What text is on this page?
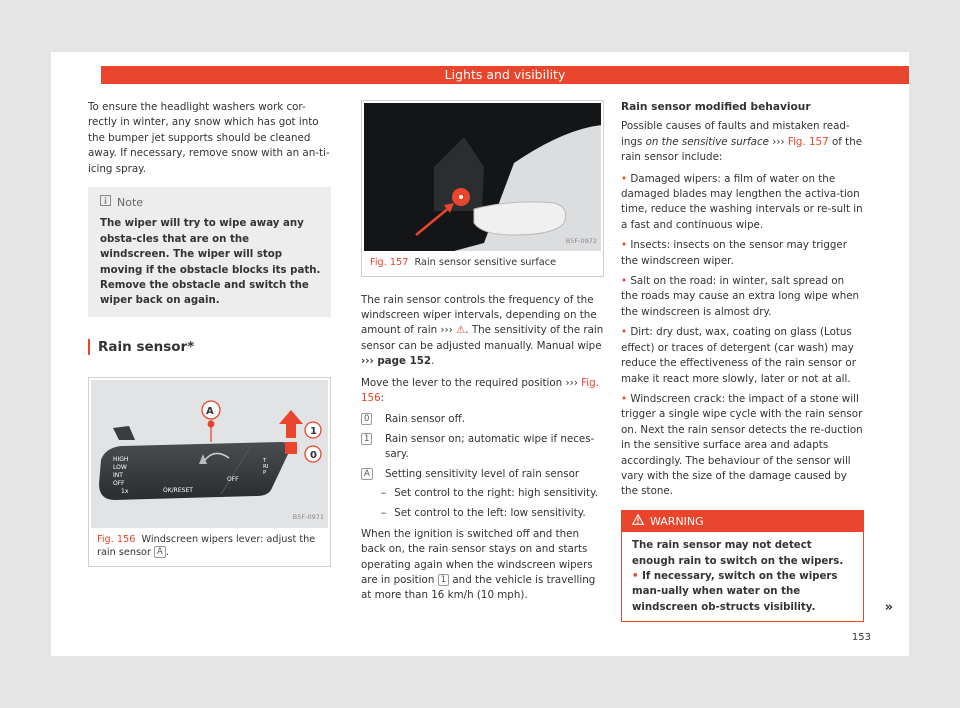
Lights and visibility

To ensure the headlight washers work cor-rectly in winter, any snow which has got into the bumper jet supports should be cleaned away. If necessary, remove snow with an an-ti-icing spray.

Note
The wiper will try to wipe away any obsta-cles that are on the windscreen. The wiper will stop moving if the obstacle blocks its path. Remove the obstacle and switch the wiper back on again.
Rain sensor*
A
1
0
HIGH
LOW
INT
OFF
1x	OK/RESET
OFF
TRIP
B5F-0971
Fig. 156 Windscreen wipers lever: adjust the rain sensor A .
B5F-0972
Fig. 157 Rain sensor sensitive surface

The rain sensor controls the frequency of the windscreen wiper intervals, depending on the amount of rain ››› ⚠. The sensitivity of the rain sensor can be adjusted manually. Manual wipe ››› page 152.

Move the lever to the required position ››› Fig. 156:

0	Rain sensor off.
1	Rain sensor on; automatic wipe if neces-sary.
A	Setting sensitivity level of rain sensor
– Set control to the right: high sensitivity.
– Set control to the left: low sensitivity.

When the ignition is switched off and then back on, the rain sensor stays on and starts operating again when the windscreen wipers are in position 1 and the vehicle is travelling at more than 16 km/h (10 mph).

Rain sensor modified behaviour

Possible causes of faults and mistaken read-ings on the sensitive surface ››› Fig. 157 of the rain sensor include:

• Damaged wipers: a film of water on the damaged blades may lengthen the activa-tion time, reduce the washing intervals or re-sult in a fast and continuous wipe.
• Insects: insects on the sensor may trigger the windscreen wiper.
• Salt on the road: in winter, salt spread on the roads may cause an extra long wipe when the windscreen is almost dry.
• Dirt: dry dust, wax, coating on glass (Lotus effect) or traces of detergent (car wash) may reduce the effectiveness of the rain sensor or make it react more slowly, later or not at all.
• Windscreen crack: the impact of a stone will trigger a single wipe cycle with the rain sensor on. Next the rain sensor detects the re-duction in the sensitive surface area and adapts accordingly. The behaviour of the sensor will vary with the size of the damage caused by the stone.
WARNING
The rain sensor may not detect enough rain to switch on the wipers.
• If necessary, switch on the wipers man-ually when water on the windscreen ob-structs visibility.	»
153
